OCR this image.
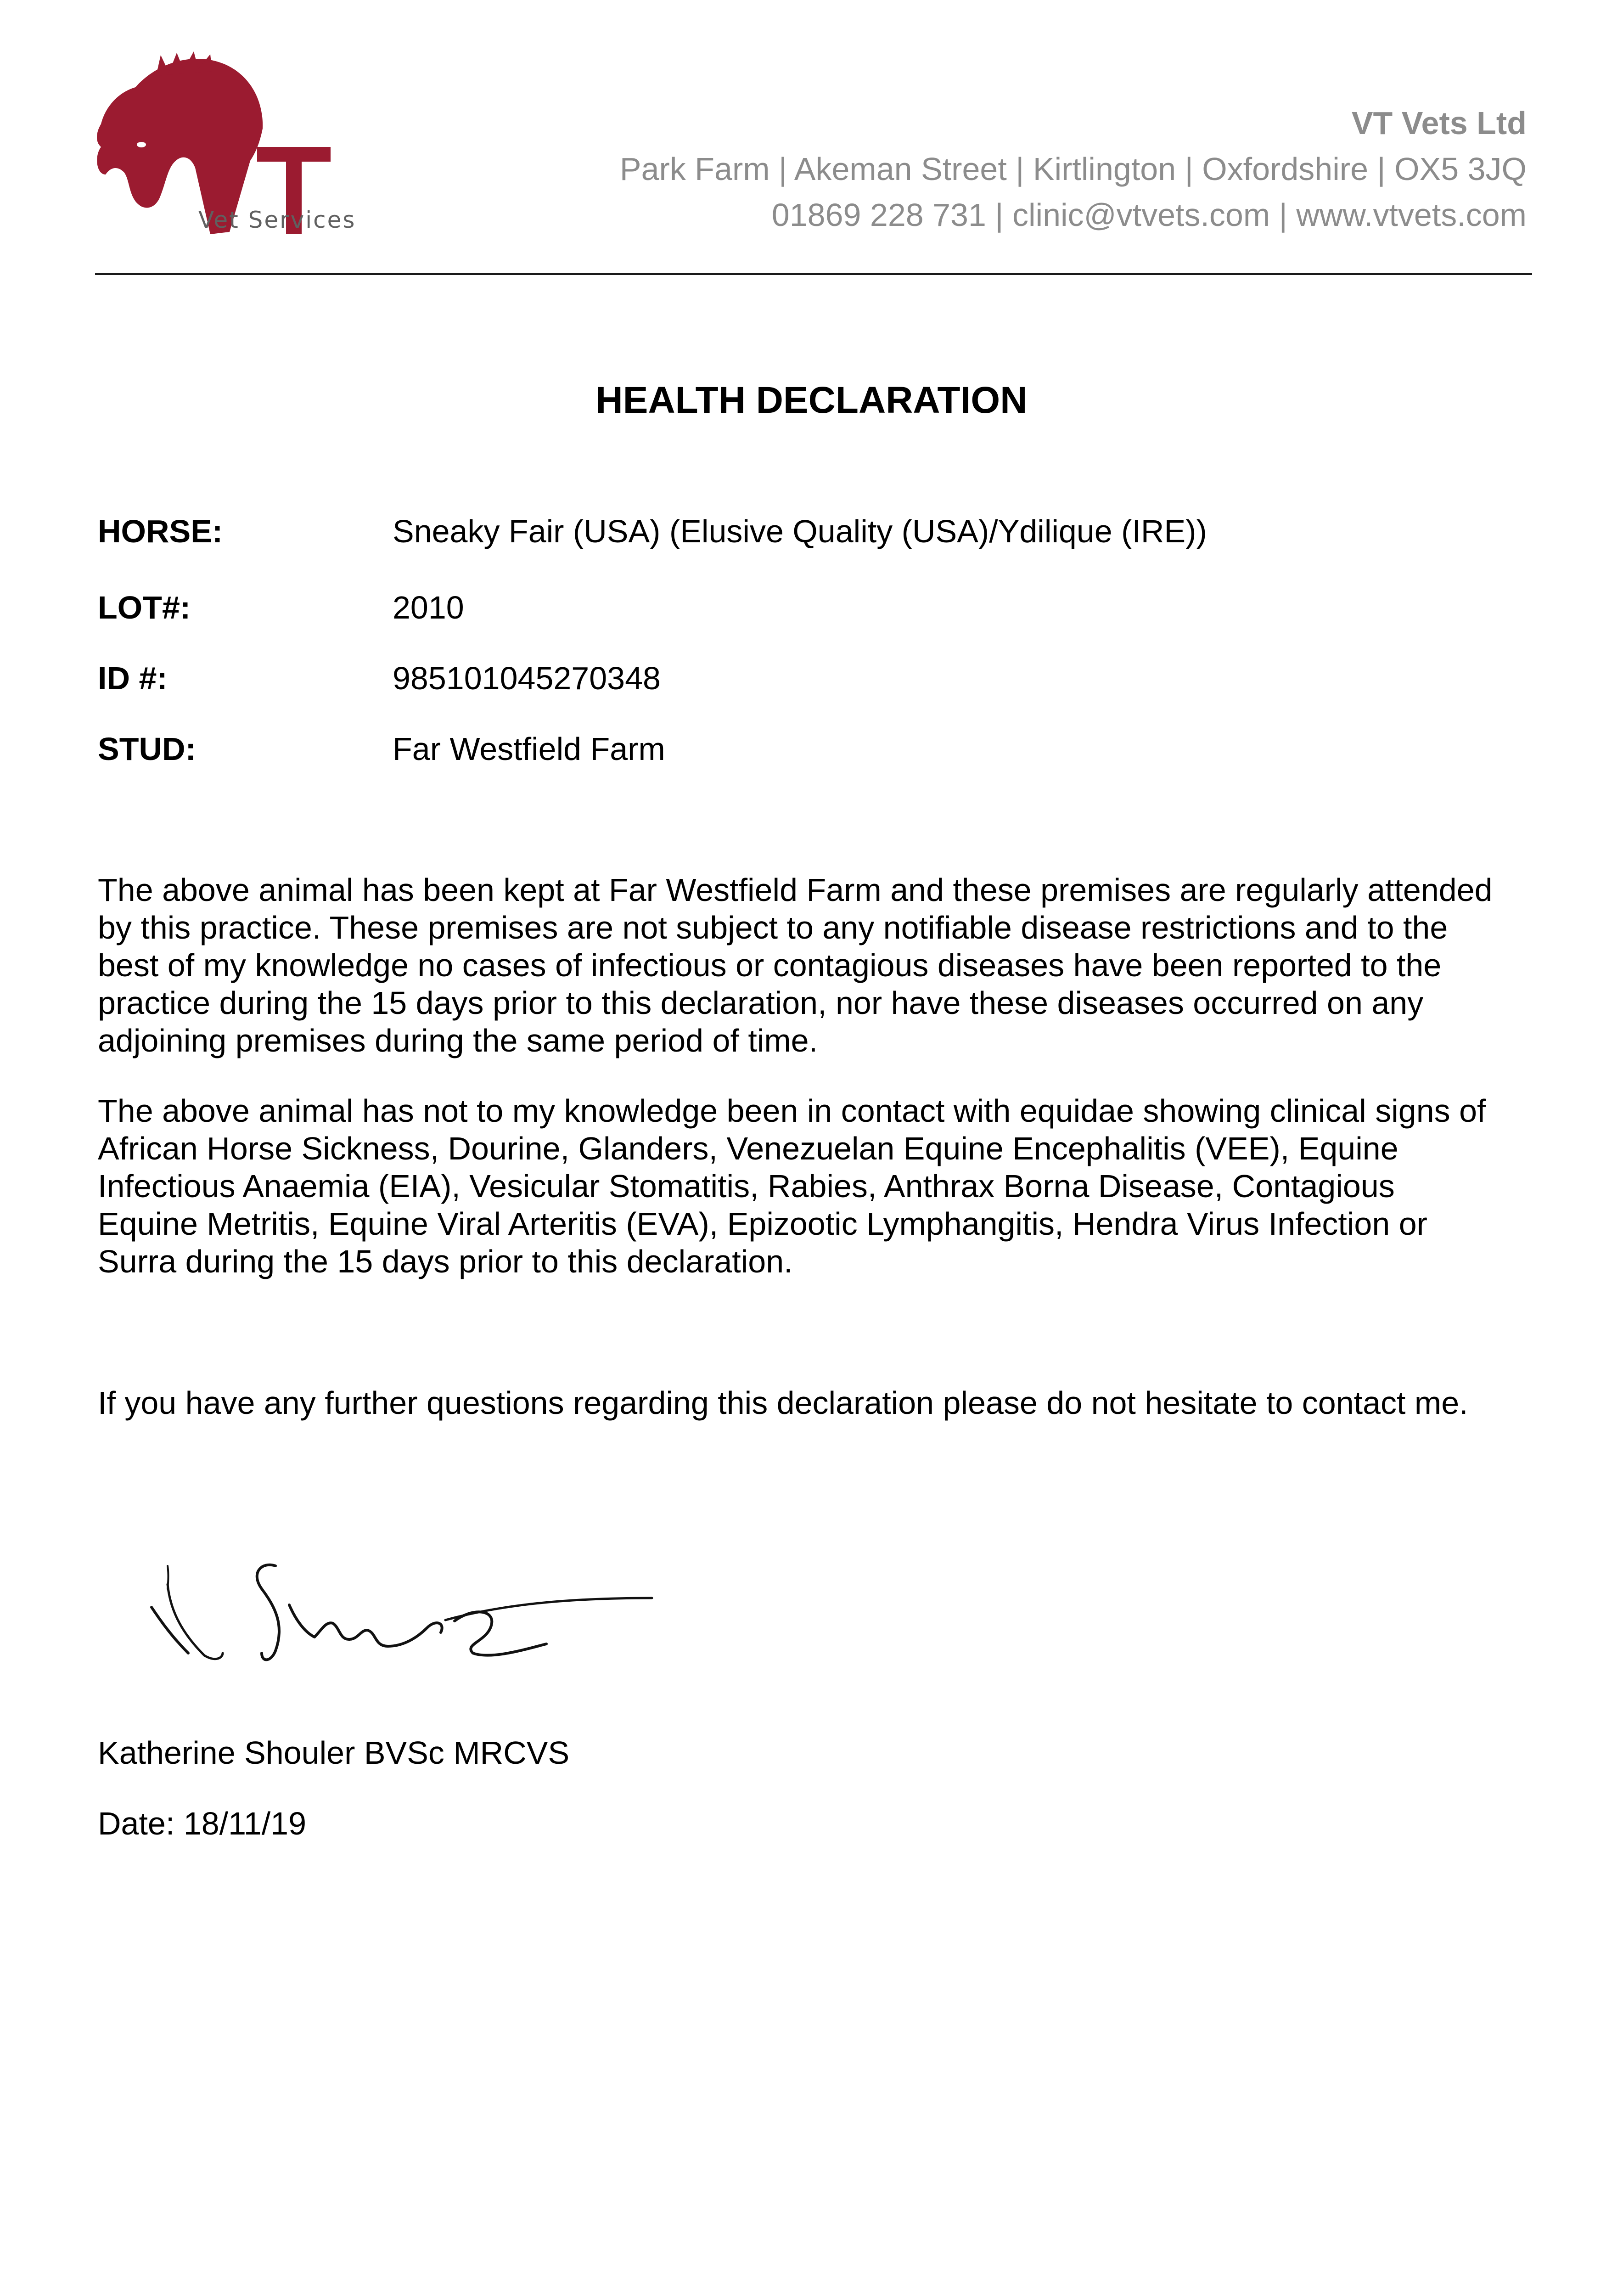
Vet Services
VT Vets Ltd
Park Farm | Akeman Street | Kirtlington | Oxfordshire | OX5 3JQ
01869 228 731 | clinic@vtvets.com | www.vtvets.com
HEALTH DECLARATION
HORSE:	Sneaky Fair (USA) (Elusive Quality (USA)/Ydilique (IRE))
LOT#:	2010
ID #:	985101045270348
STUD:	Far Westfield Farm
The above animal has been kept at Far Westfield Farm and these premises are regularly attended
by this practice. These premises are not subject to any notifiable disease restrictions and to the
best of my knowledge no cases of infectious or contagious diseases have been reported to the
practice during the 15 days prior to this declaration, nor have these diseases occurred on any
adjoining premises during the same period of time.
The above animal has not to my knowledge been in contact with equidae showing clinical signs of
African Horse Sickness, Dourine, Glanders, Venezuelan Equine Encephalitis (VEE), Equine
Infectious Anaemia (EIA), Vesicular Stomatitis, Rabies, Anthrax Borna Disease, Contagious
Equine Metritis, Equine Viral Arteritis (EVA), Epizootic Lymphangitis, Hendra Virus Infection or
Surra during the 15 days prior to this declaration.
If you have any further questions regarding this declaration please do not hesitate to contact me.
Katherine Shouler BVSc MRCVS
Date: 18/11/19
